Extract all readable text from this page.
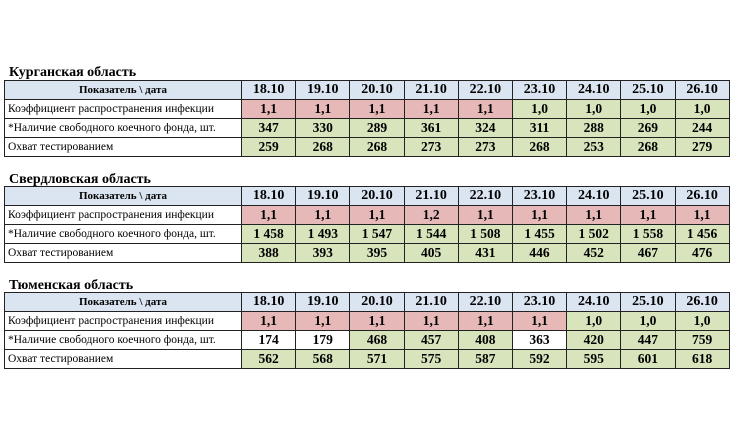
Курганская область
Показатель \ дата	18.10	19.10	20.10	21.10	22.10	23.10	24.10	25.10	26.10
Коэффициент распространения инфекции	1,1	1,1	1,1	1,1	1,1	1,0	1,0	1,0	1,0
*Наличие свободного коечного фонда, шт.	347	330	289	361	324	311	288	269	244
Охват тестированием	259	268	268	273	273	268	253	268	279
Свердловская область
Показатель \ дата	18.10	19.10	20.10	21.10	22.10	23.10	24.10	25.10	26.10
Коэффициент распространения инфекции	1,1	1,1	1,1	1,2	1,1	1,1	1,1	1,1	1,1
*Наличие свободного коечного фонда, шт.	1 458	1 493	1 547	1 544	1 508	1 455	1 502	1 558	1 456
Охват тестированием	388	393	395	405	431	446	452	467	476
Тюменская область
Показатель \ дата	18.10	19.10	20.10	21.10	22.10	23.10	24.10	25.10	26.10
Коэффициент распространения инфекции	1,1	1,1	1,1	1,1	1,1	1,1	1,0	1,0	1,0
*Наличие свободного коечного фонда, шт.	174	179	468	457	408	363	420	447	759
Охват тестированием	562	568	571	575	587	592	595	601	618
